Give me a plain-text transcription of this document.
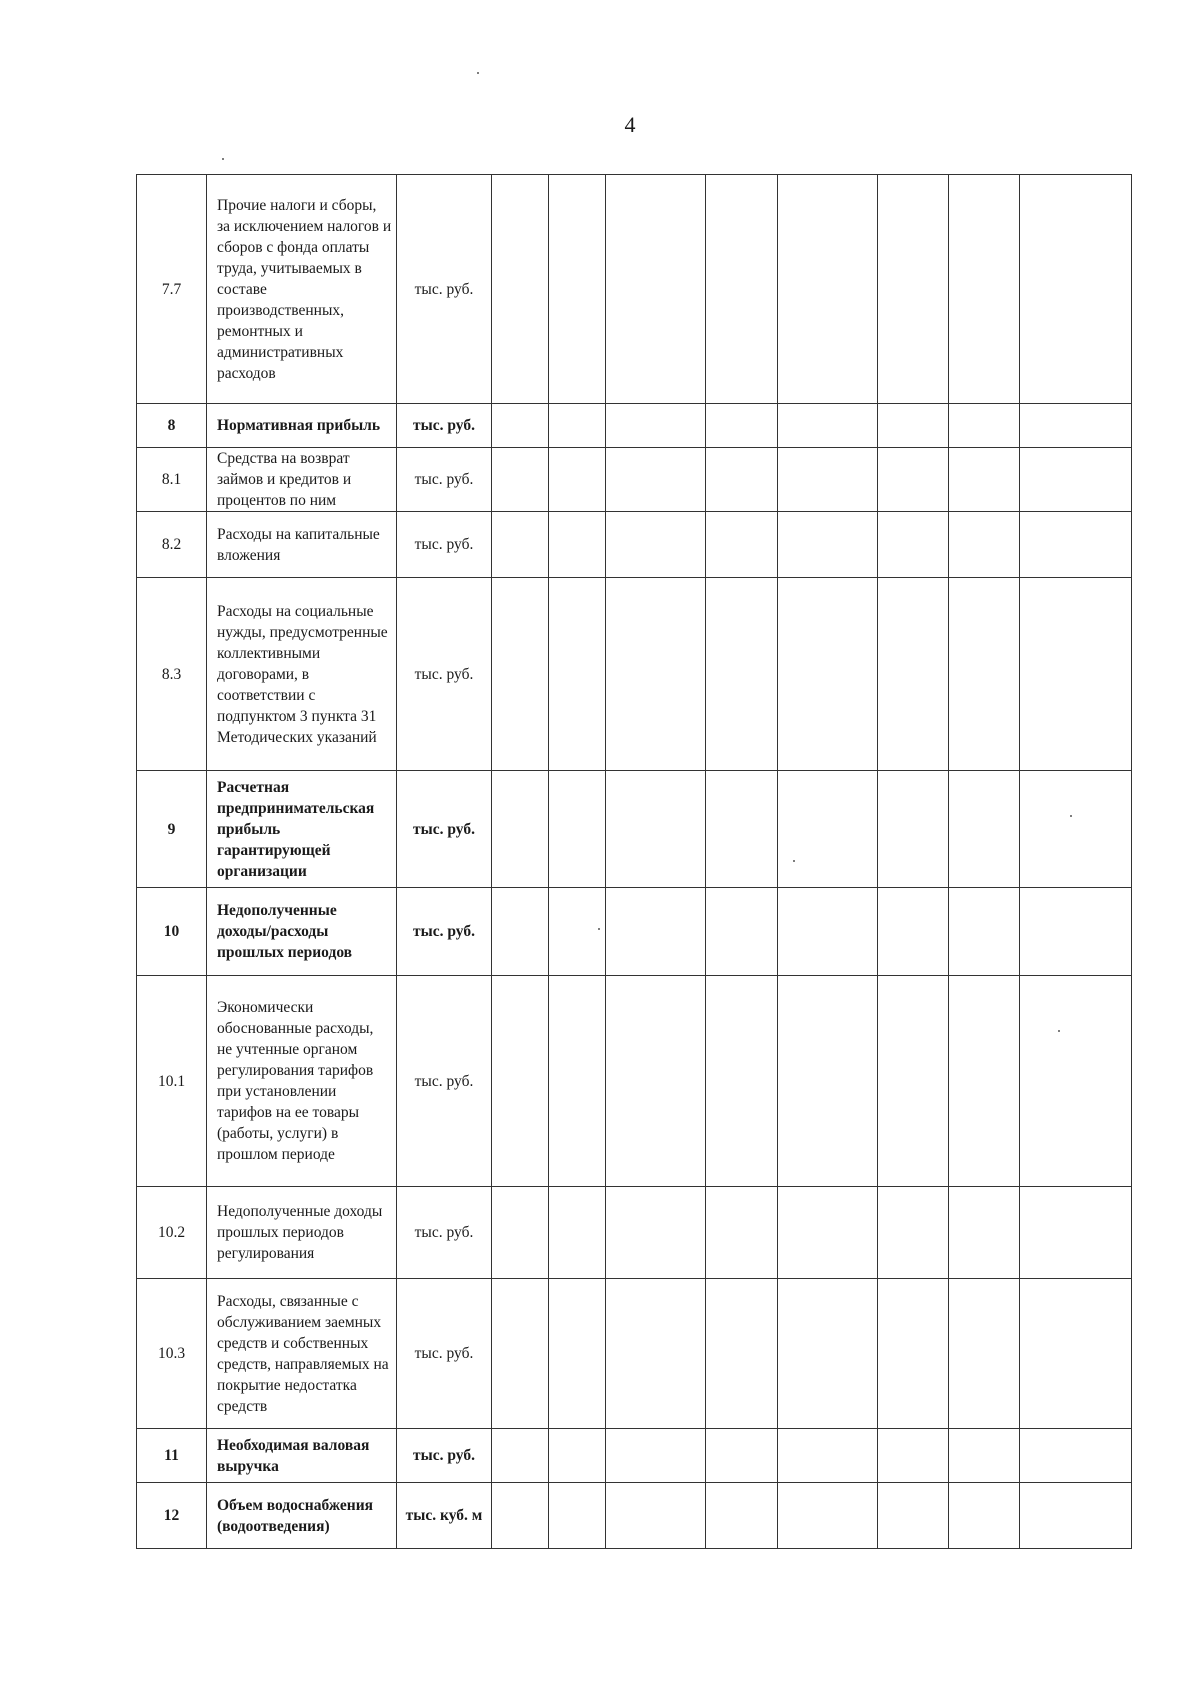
4
7.7	Прочие налоги и сборы, за исключением налогов и сборов с фонда оплаты труда, учитываемых в составе производственных, ремонтных и административных расходов	тыс. руб.								
8	Нормативная прибыль	тыс. руб.								
8.1	Средства на возврат займов и кредитов и процентов по ним	тыс. руб.								
8.2	Расходы на капитальные вложения	тыс. руб.								
8.3	Расходы на социальные нужды, предусмотренные коллективными договорами, в соответствии с подпунктом 3 пункта 31 Методических указаний	тыс. руб.								
9	Расчетная предпринимательская прибыль гарантирующей организации	тыс. руб.								
10	Недополученные доходы/расходы прошлых периодов	тыс. руб.								
10.1	Экономически обоснованные расходы, не учтенные органом регулирования тарифов при установлении тарифов на ее товары (работы, услуги) в прошлом периоде	тыс. руб.								
10.2	Недополученные доходы прошлых периодов регулирования	тыс. руб.								
10.3	Расходы, связанные с обслуживанием заемных средств и собственных средств, направляемых на покрытие недостатка средств	тыс. руб.								
11	Необходимая валовая выручка	тыс. руб.								
12	Объем водоснабжения (водоотведения)	тыс. куб. м								
